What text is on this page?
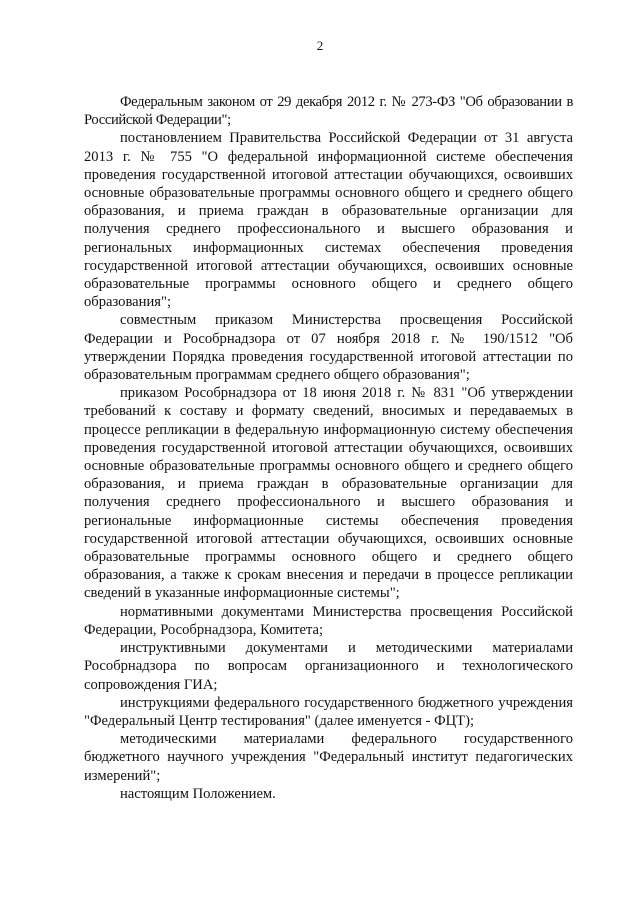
2

Федеральным законом от 29 декабря 2012 г. № 273-ФЗ "Об образовании в Российской Федерации";

постановлением Правительства Российской Федерации от 31 августа 2013 г. № 755 "О федеральной информационной системе обеспечения проведения государственной итоговой аттестации обучающихся, освоивших основные образовательные программы основного общего и среднего общего образования, и приема граждан в образовательные организации для получения среднего профессионального и высшего образования и региональных информационных системах обеспечения проведения государственной итоговой аттестации обучающихся, освоивших основные образовательные программы основного общего и среднего общего образования";

совместным приказом Министерства просвещения Российской Федерации и Рособрнадзора от 07 ноября 2018 г. № 190/1512 "Об утверждении Порядка проведения государственной итоговой аттестации по образовательным программам среднего общего образования";

приказом Рособрнадзора от 18 июня 2018 г. № 831 "Об утверждении требований к составу и формату сведений, вносимых и передаваемых в процессе репликации в федеральную информационную систему обеспечения проведения государственной итоговой аттестации обучающихся, освоивших основные образовательные программы основного общего и среднего общего образования, и приема граждан в образовательные организации для получения среднего профессионального и высшего образования и региональные информационные системы обеспечения проведения государственной итоговой аттестации обучающихся, освоивших основные образовательные программы основного общего и среднего общего образования, а также к срокам внесения и передачи в процессе репликации сведений в указанные информационные системы";

нормативными документами Министерства просвещения Российской Федерации, Рособрнадзора, Комитета;

инструктивными документами и методическими материалами Рособрнадзора по вопросам организационного и технологического сопровождения ГИА;

инструкциями федерального государственного бюджетного учреждения "Федеральный Центр тестирования" (далее именуется - ФЦТ);

методическими материалами федерального государственного бюджетного научного учреждения "Федеральный институт педагогических измерений";

настоящим Положением.
